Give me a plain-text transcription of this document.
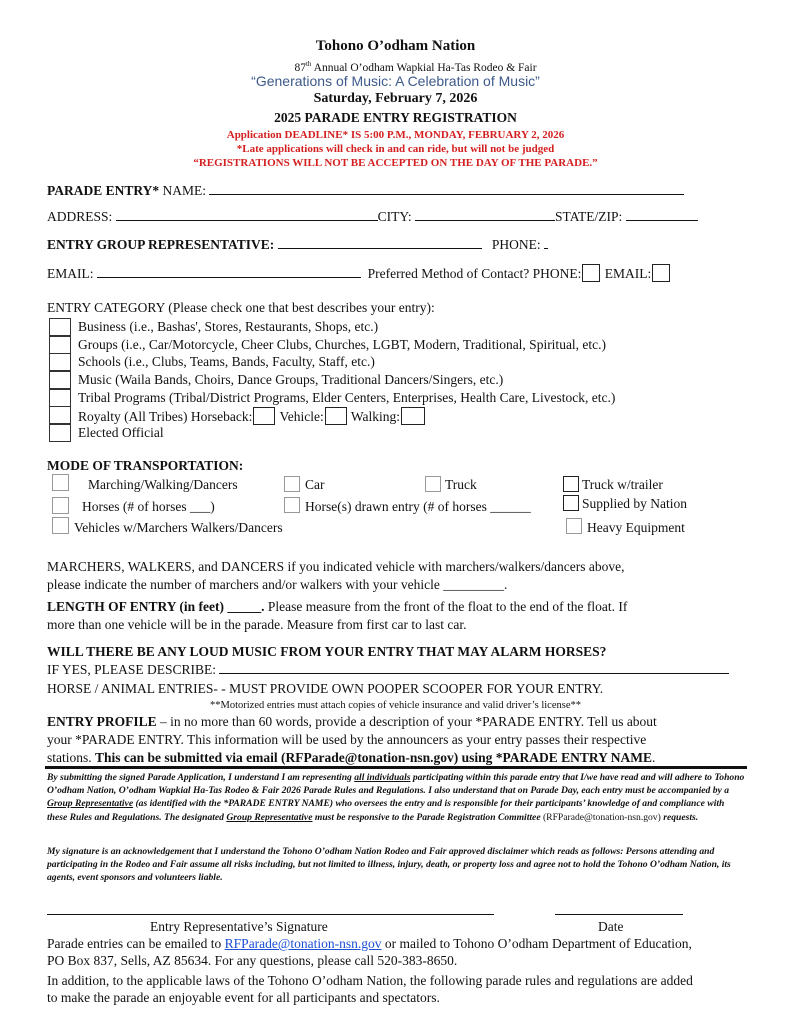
Tohono O’odham Nation
87th Annual O’odham Wapkial Ha-Tas Rodeo & Fair
“Generations of Music: A Celebration of Music”
Saturday, February 7, 2026
2025 PARADE ENTRY REGISTRATION
Application DEADLINE* IS 5:00 P.M., MONDAY, FEBRUARY 2, 2026
*Late applications will check in and can ride, but will not be judged
“REGISTRATIONS WILL NOT BE ACCEPTED ON THE DAY OF THE PARADE.”
PARADE ENTRY* NAME:
ADDRESS:	CITY:	STATE/ZIP:
ENTRY GROUP REPRESENTATIVE:	PHONE:
EMAIL:	Preferred Method of Contact? PHONE: EMAIL:
ENTRY CATEGORY (Please check one that best describes your entry):
Business (i.e., Bashas', Stores, Restaurants, Shops, etc.)
Groups (i.e., Car/Motorcycle, Cheer Clubs, Churches, LGBT, Modern, Traditional, Spiritual, etc.)
Schools (i.e., Clubs, Teams, Bands, Faculty, Staff, etc.)
Music (Waila Bands, Choirs, Dance Groups, Traditional Dancers/Singers, etc.)
Tribal Programs (Tribal/District Programs, Elder Centers, Enterprises, Health Care, Livestock, etc.)
Royalty (All Tribes) Horseback: Vehicle: Walking:
Elected Official
MODE OF TRANSPORTATION:
Marching/Walking/Dancers	Car	Truck	Truck w/trailer
Horses (# of horses ___)	Horse(s) drawn entry (# of horses ______	Supplied by Nation
Vehicles w/Marchers Walkers/Dancers	Heavy Equipment
MARCHERS, WALKERS, and DANCERS if you indicated vehicle with marchers/walkers/dancers above,
please indicate the number of marchers and/or walkers with your vehicle _________.
LENGTH OF ENTRY (in feet) _____. Please measure from the front of the float to the end of the float. If
more than one vehicle will be in the parade. Measure from first car to last car.
WILL THERE BE ANY LOUD MUSIC FROM YOUR ENTRY THAT MAY ALARM HORSES?
IF YES, PLEASE DESCRIBE:
HORSE / ANIMAL ENTRIES- - MUST PROVIDE OWN POOPER SCOOPER FOR YOUR ENTRY.
**Motorized entries must attach copies of vehicle insurance and valid driver’s license**
ENTRY PROFILE – in no more than 60 words, provide a description of your *PARADE ENTRY. Tell us about
your *PARADE ENTRY. This information will be used by the announcers as your entry passes their respective
stations. This can be submitted via email (RFParade@tonation-nsn.gov) using *PARADE ENTRY NAME.
By submitting the signed Parade Application, I understand I am representing all individuals participating within this parade entry that I/we have read and will adhere to Tohono O’odham Nation, O’odham Wapkial Ha-Tas Rodeo & Fair 2026 Parade Rules and Regulations. I also understand that on Parade Day, each entry must be accompanied by a Group Representative (as identified with the *PARADE ENTRY NAME) who oversees the entry and is responsible for their participants’ knowledge of and compliance with these Rules and Regulations. The designated Group Representative must be responsive to the Parade Registration Committee (RFParade@tonation-nsn.gov) requests.
My signature is an acknowledgement that I understand the Tohono O’odham Nation Rodeo and Fair approved disclaimer which reads as follows: Persons attending and participating in the Rodeo and Fair assume all risks including, but not limited to illness, injury, death, or property loss and agree not to hold the Tohono O’odham Nation, its agents, event sponsors and volunteers liable.
Entry Representative’s Signature	Date
Parade entries can be emailed to RFParade@tonation-nsn.gov or mailed to Tohono O’odham Department of Education,
PO Box 837, Sells, AZ 85634. For any questions, please call 520-383-8650.
In addition, to the applicable laws of the Tohono O’odham Nation, the following parade rules and regulations are added
to make the parade an enjoyable event for all participants and spectators.
